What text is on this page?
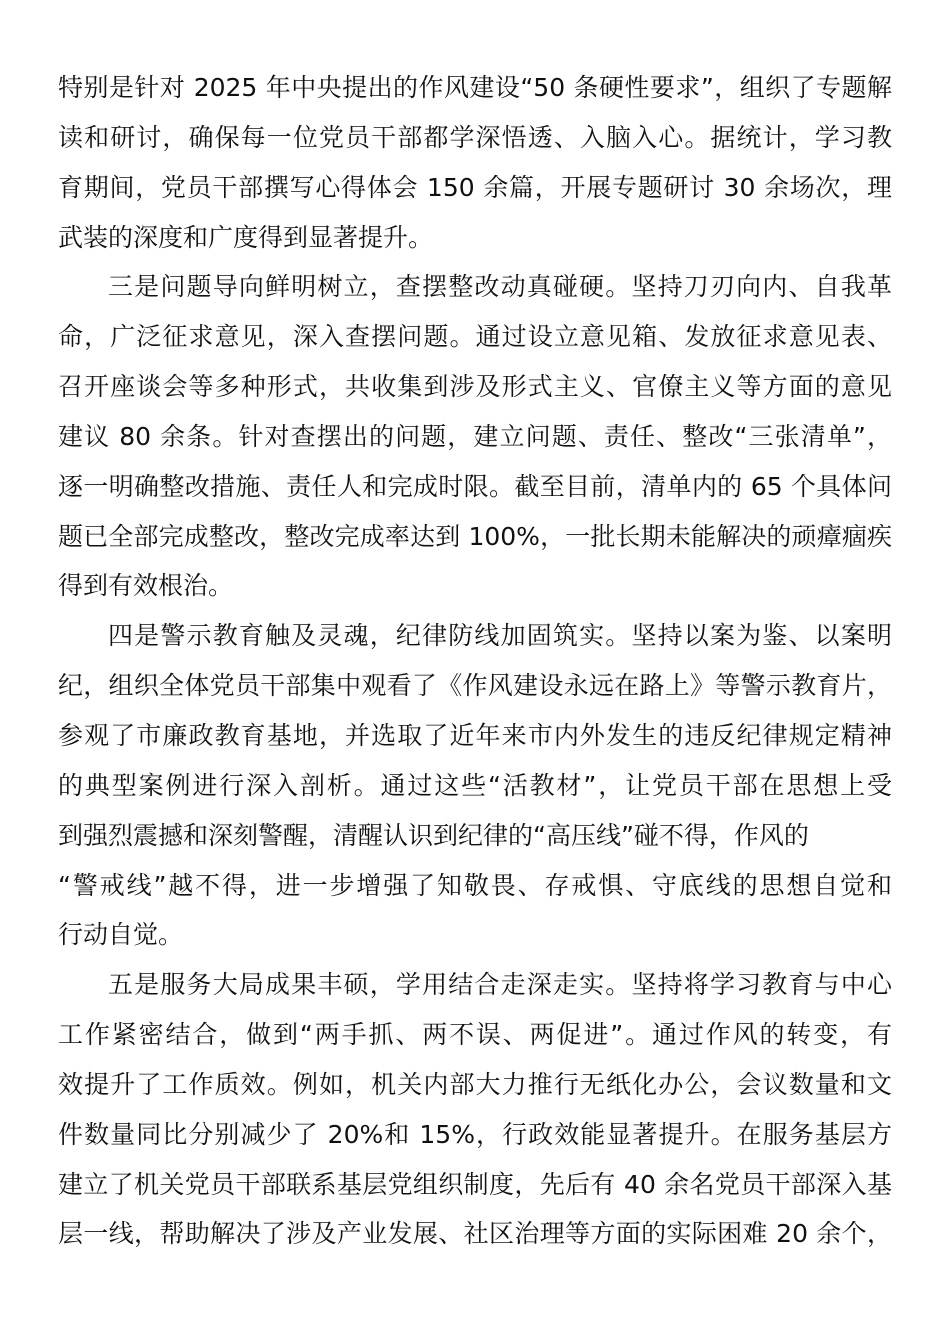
特别是针对 2025 年中央提出的作风建设“50 条硬性要求”，组织了专题解
读和研讨，确保每一位党员干部都学深悟透、入脑入心。据统计，学习教
育期间，党员干部撰写心得体会 150 余篇，开展专题研讨 30 余场次，理
武装的深度和广度得到显著提升。
三是问题导向鲜明树立，查摆整改动真碰硬。坚持刀刃向内、自我革
命，广泛征求意见，深入查摆问题。通过设立意见箱、发放征求意见表、
召开座谈会等多种形式，共收集到涉及形式主义、官僚主义等方面的意见
建议 80 余条。针对查摆出的问题，建立问题、责任、整改“三张清单”，
逐一明确整改措施、责任人和完成时限。截至目前，清单内的 65 个具体问
题已全部完成整改，整改完成率达到 100%，一批长期未能解决的顽瘴痼疾
得到有效根治。
四是警示教育触及灵魂，纪律防线加固筑实。坚持以案为鉴、以案明
纪，组织全体党员干部集中观看了《作风建设永远在路上》等警示教育片，
参观了市廉政教育基地，并选取了近年来市内外发生的违反纪律规定精神
的典型案例进行深入剖析。通过这些“活教材”，让党员干部在思想上受
到强烈震撼和深刻警醒，清醒认识到纪律的“高压线”碰不得，作风的
“警戒线”越不得，进一步增强了知敬畏、存戒惧、守底线的思想自觉和
行动自觉。
五是服务大局成果丰硕，学用结合走深走实。坚持将学习教育与中心
工作紧密结合，做到“两手抓、两不误、两促进”。通过作风的转变，有
效提升了工作质效。例如，机关内部大力推行无纸化办公，会议数量和文
件数量同比分别减少了 20%和 15%，行政效能显著提升。在服务基层方
建立了机关党员干部联系基层党组织制度，先后有 40 余名党员干部深入基
层一线，帮助解决了涉及产业发展、社区治理等方面的实际困难 20 余个，
